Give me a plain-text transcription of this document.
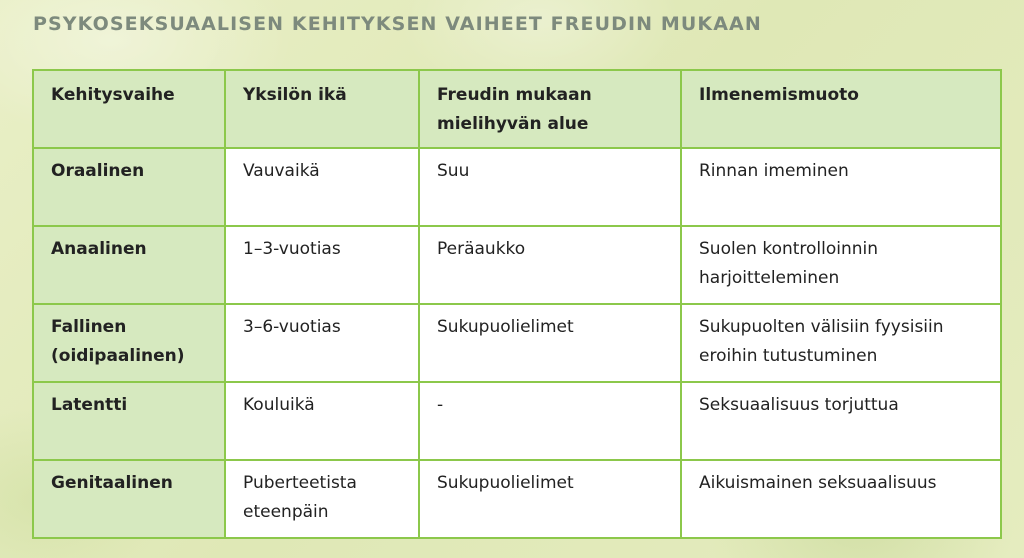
PSYKOSEKSUAALISEN KEHITYKSEN VAIHEET FREUDIN MUKAAN
Kehitysvaihe	Yksilön ikä	Freudin mukaan mielihyvän alue	Ilmenemismuoto
Oraalinen	Vauvaikä	Suu	Rinnan imeminen
Anaalinen	1–3-vuotias	Peräaukko	Suolen kontrolloinnin harjoitteleminen
Fallinen (oidipaalinen)	3–6-vuotias	Sukupuolielimet	Sukupuolten välisiin fyysisiin eroihin tutustuminen
Latentti	Kouluikä	-	Seksuaalisuus torjuttua
Genitaalinen	Puberteetista eteenpäin	Sukupuolielimet	Aikuismainen seksuaalisuus
